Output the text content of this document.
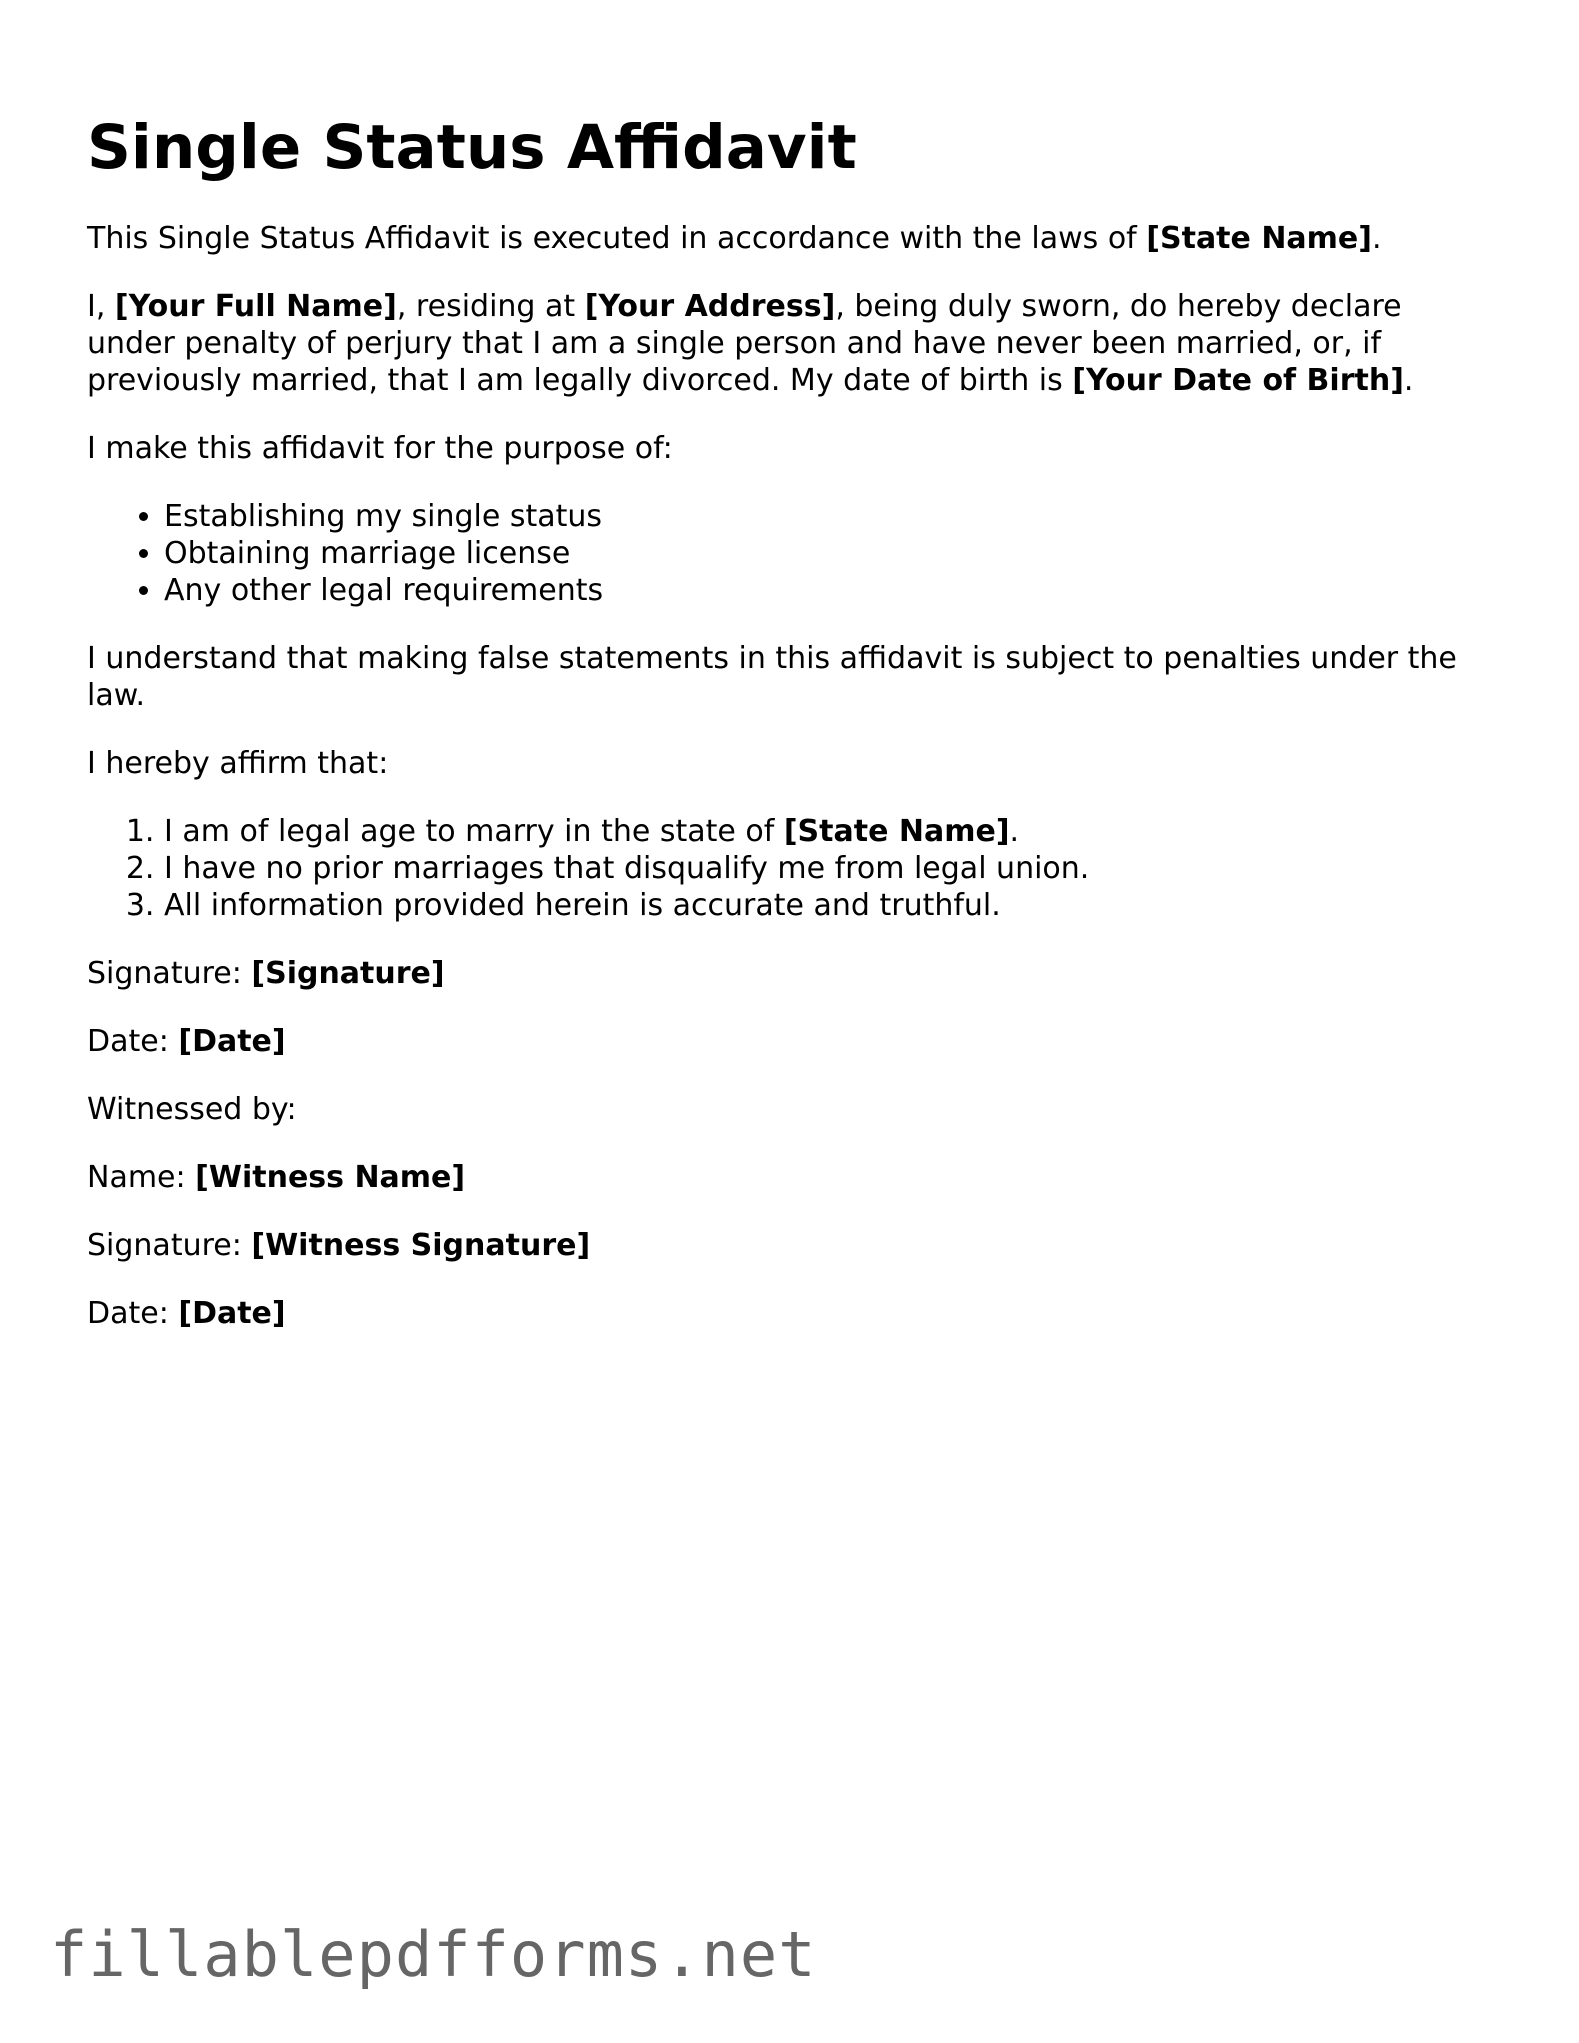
Single Status Affidavit

This Single Status Affidavit is executed in accordance with the laws of [State Name].

I, [Your Full Name], residing at [Your Address], being duly sworn, do hereby declare under penalty of perjury that I am a single person and have never been married, or, if previously married, that I am legally divorced. My date of birth is [Your Date of Birth].

I make this affidavit for the purpose of:

• Establishing my single status
• Obtaining marriage license
• Any other legal requirements

I understand that making false statements in this affidavit is subject to penalties under the law.

I hereby affirm that:

1. I am of legal age to marry in the state of [State Name].
2. I have no prior marriages that disqualify me from legal union.
3. All information provided herein is accurate and truthful.

Signature: [Signature]

Date: [Date]

Witnessed by:

Name: [Witness Name]

Signature: [Witness Signature]

Date: [Date]

fillablepdfforms.net
